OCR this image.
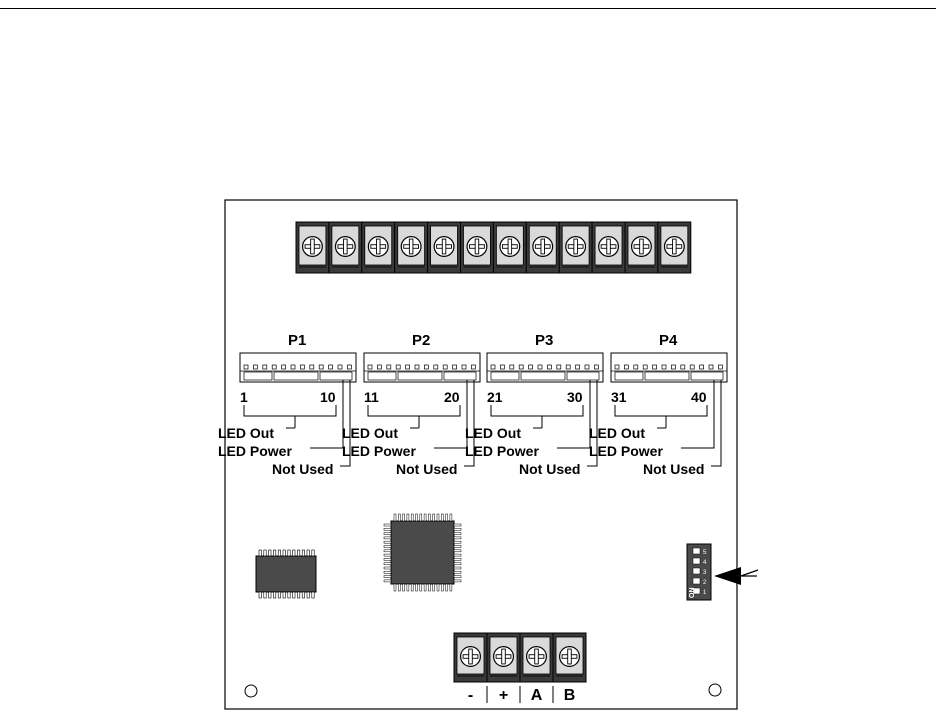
P1
1	10
LED Out
LED Power
Not Used
P2
11	20
LED Out
LED Power
Not Used
P3
21	30
LED Out
LED Power
Not Used
P4
31	40
LED Out
LED Power
Not Used
1
2
3
4
5
ON
- + A B
